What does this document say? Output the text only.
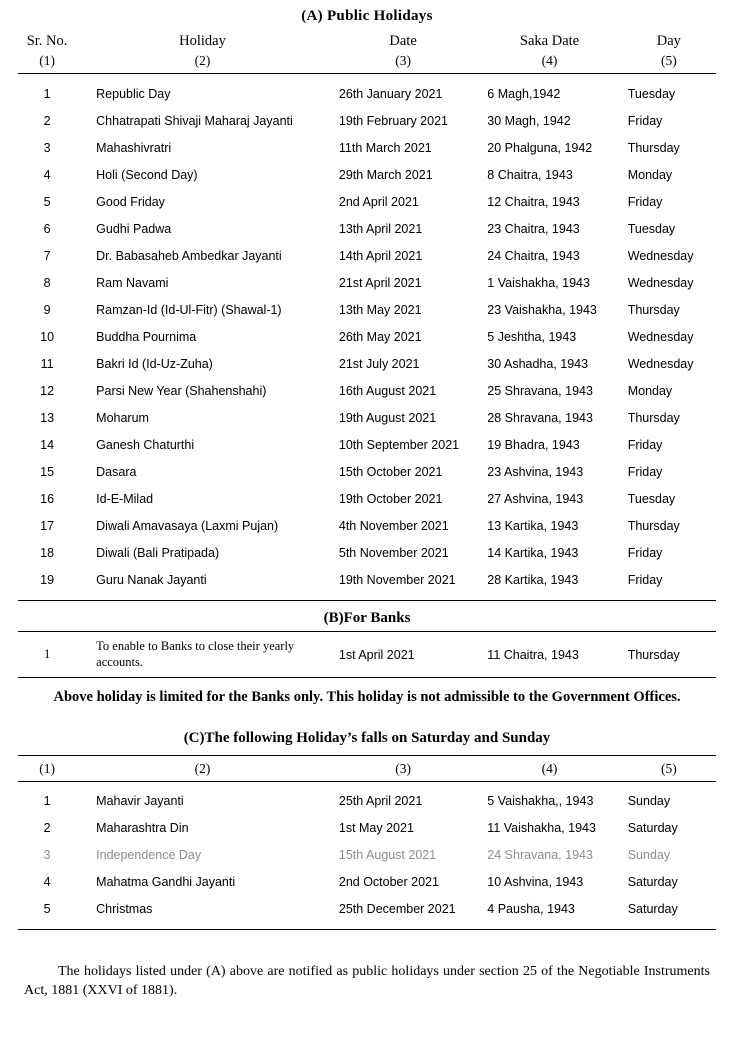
(A) Public Holidays
Sr. No.	Holiday	Date	Saka Date	Day
(1)	(2)	(3)	(4)	(5)

1	Republic Day	26th January 2021	6 Magh,1942	Tuesday
2	Chhatrapati Shivaji Maharaj Jayanti	19th February 2021	30 Magh, 1942	Friday
3	Mahashivratri	11th March 2021	20 Phalguna, 1942	Thursday
4	Holi (Second Day)	29th March 2021	8 Chaitra, 1943	Monday
5	Good Friday	2nd April 2021	12 Chaitra, 1943	Friday
6	Gudhi Padwa	13th April 2021	23 Chaitra, 1943	Tuesday
7	Dr. Babasaheb Ambedkar Jayanti	14th April 2021	24 Chaitra, 1943	Wednesday
8	Ram Navami	21st April 2021	1 Vaishakha, 1943	Wednesday
9	Ramzan-Id (Id-Ul-Fitr) (Shawal-1)	13th May 2021	23 Vaishakha, 1943	Thursday
10	Buddha Pournima	26th May 2021	5 Jeshtha, 1943	Wednesday
11	Bakri Id (Id-Uz-Zuha)	21st July 2021	30 Ashadha, 1943	Wednesday
12	Parsi New Year (Shahenshahi)	16th August 2021	25 Shravana, 1943	Monday
13	Moharum	19th August 2021	28 Shravana, 1943	Thursday
14	Ganesh Chaturthi	10th September 2021	19 Bhadra, 1943	Friday
15	Dasara	15th October 2021	23 Ashvina, 1943	Friday
16	Id-E-Milad	19th October 2021	27 Ashvina, 1943	Tuesday
17	Diwali Amavasaya (Laxmi Pujan)	4th November 2021	13 Kartika, 1943	Thursday
18	Diwali (Bali Pratipada)	5th November 2021	14 Kartika, 1943	Friday
19	Guru Nanak Jayanti	19th November 2021	28 Kartika, 1943	Friday

(B)For Banks				

1	To enable to Banks to close their yearly accounts.	1st April 2021	11 Chaitra, 1943	Thursday

Above holiday is limited for the Banks only. This holiday is not admissible to the Government Offices.
(C)The following Holiday’s falls on Saturday and Sunday

(1)	(2)	(3)	(4)	(5)

1	Mahavir Jayanti	25th April 2021	5 Vaishakha,, 1943	Sunday
2	Maharashtra Din	1st May 2021	11 Vaishakha, 1943	Saturday
3	Independence Day	15th August 2021	24 Shravana, 1943	Sunday
4	Mahatma Gandhi Jayanti	2nd October 2021	10 Ashvina, 1943	Saturday
5	Christmas	25th December 2021	4 Pausha, 1943	Saturday

The holidays listed under (A) above are notified as public holidays under section 25 of the Negotiable Instruments Act, 1881 (XXVI of 1881).
